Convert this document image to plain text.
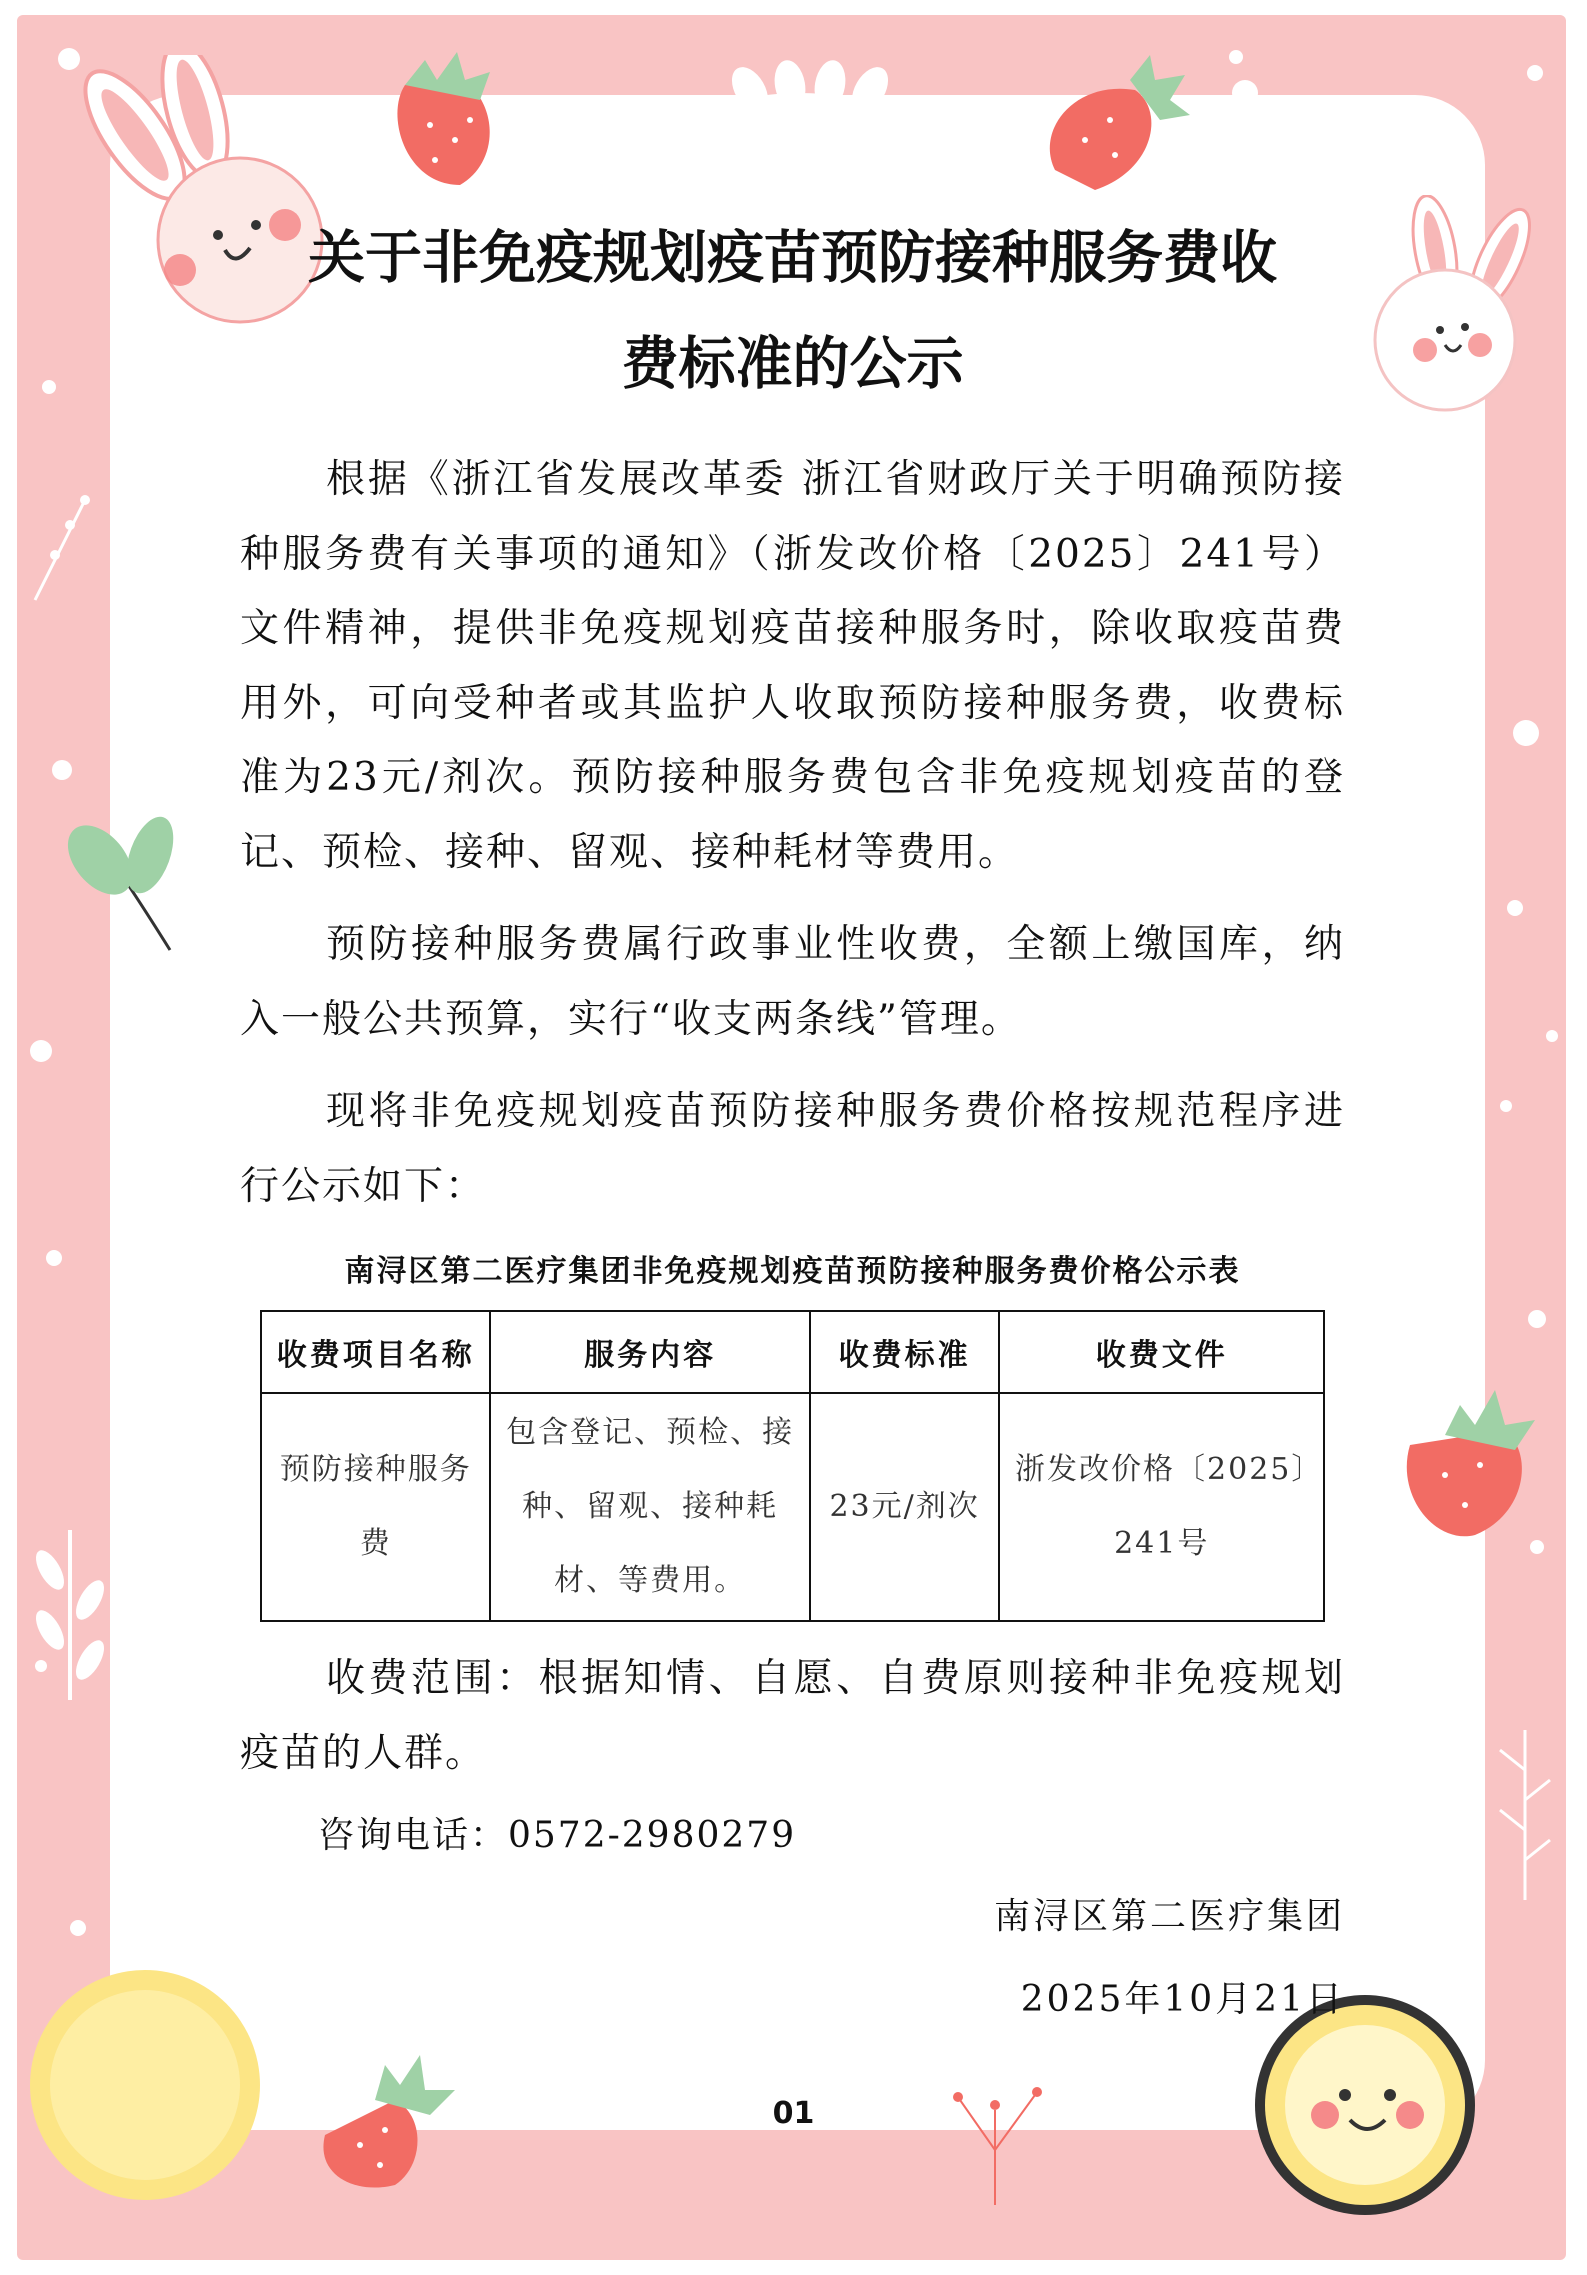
关于非免疫规划疫苗预防接种服务费收
费标准的公示

根据《浙江省发展改革委 浙江省财政厅关于明确预防接种服务费有关事项的通知》（浙发改价格〔2025〕241号）文件精神，提供非免疫规划疫苗接种服务时，除收取疫苗费用外，可向受种者或其监护人收取预防接种服务费，收费标准为23元/剂次。预防接种服务费包含非免疫规划疫苗的登记、预检、接种、留观、接种耗材等费用。

预防接种服务费属行政事业性收费，全额上缴国库，纳入一般公共预算，实行“收支两条线”管理。

现将非免疫规划疫苗预防接种服务费价格按规范程序进行公示如下：

南浔区第二医疗集团非免疫规划疫苗预防接种服务费价格公示表
收费项目名称	服务内容	收费标准	收费文件
预防接种服务费	包含登记、预检、接种、留观、接种耗材、等费用。	23元/剂次	浙发改价格〔2025〕241号

收费范围：根据知情、自愿、自费原则接种非免疫规划疫苗的人群。

咨询电话：0572-2980279
南浔区第二医疗集团
2025年10月21日
01
